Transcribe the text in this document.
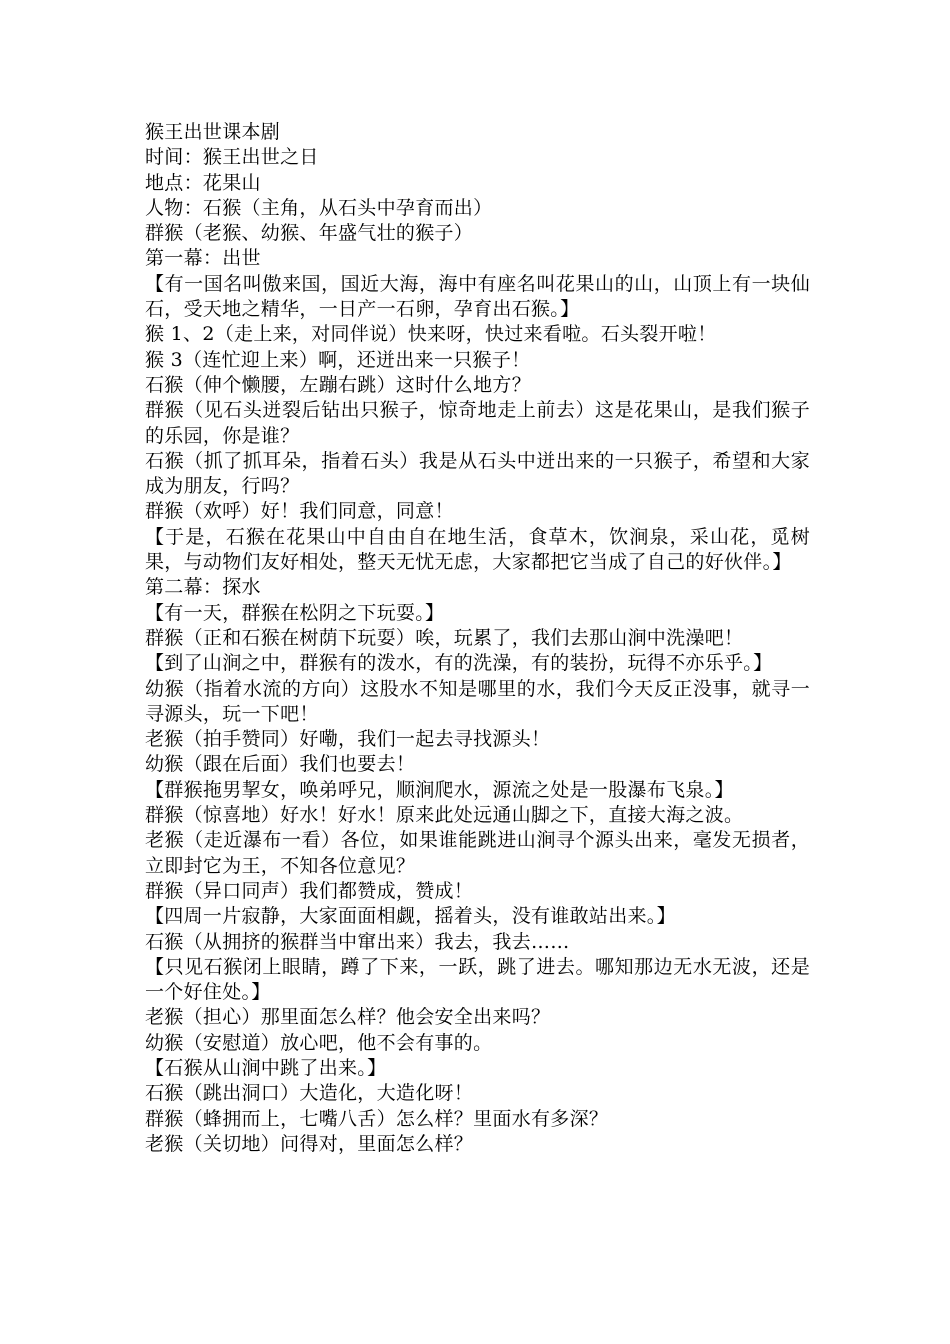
猴王出世课本剧
时间：猴王出世之日
地点：花果山
人物：石猴（主角，从石头中孕育而出）
群猴（老猴、幼猴、年盛气壮的猴子）
第一幕：出世
【有一国名叫傲来国，国近大海，海中有座名叫花果山的山，山顶上有一块仙石，受天地之精华，一日产一石卵，孕育出石猴。】
猴 1、2（走上来，对同伴说）快来呀，快过来看啦。石头裂开啦！
猴 3（连忙迎上来）啊，还迸出来一只猴子！
石猴（伸个懒腰，左蹦右跳）这时什么地方？
群猴（见石头迸裂后钻出只猴子，惊奇地走上前去）这是花果山，是我们猴子的乐园，你是谁？
石猴（抓了抓耳朵，指着石头）我是从石头中迸出来的一只猴子，希望和大家成为朋友，行吗？
群猴（欢呼）好！我们同意，同意！
【于是，石猴在花果山中自由自在地生活，食草木，饮涧泉，采山花，觅树果，与动物们友好相处，整天无忧无虑，大家都把它当成了自己的好伙伴。】
第二幕：探水
【有一天，群猴在松阴之下玩耍。】
群猴（正和石猴在树荫下玩耍）唉，玩累了，我们去那山涧中洗澡吧！
【到了山涧之中，群猴有的泼水，有的洗澡，有的装扮，玩得不亦乐乎。】
幼猴（指着水流的方向）这股水不知是哪里的水，我们今天反正没事，就寻一寻源头，玩一下吧！
老猴（拍手赞同）好嘞，我们一起去寻找源头！
幼猴（跟在后面）我们也要去！
【群猴拖男挈女，唤弟呼兄，顺涧爬水，源流之处是一股瀑布飞泉。】
群猴（惊喜地）好水！好水！原来此处远通山脚之下，直接大海之波。
老猴（走近瀑布一看）各位，如果谁能跳进山涧寻个源头出来，毫发无损者，立即封它为王，不知各位意见？
群猴（异口同声）我们都赞成，赞成！
【四周一片寂静，大家面面相觑，摇着头，没有谁敢站出来。】
石猴（从拥挤的猴群当中窜出来）我去，我去……
【只见石猴闭上眼睛，蹲了下来，一跃，跳了进去。哪知那边无水无波，还是一个好住处。】
老猴（担心）那里面怎么样？他会安全出来吗？
幼猴（安慰道）放心吧，他不会有事的。
【石猴从山涧中跳了出来。】
石猴（跳出洞口）大造化，大造化呀！
群猴（蜂拥而上，七嘴八舌）怎么样？里面水有多深？
老猴（关切地）问得对，里面怎么样？
